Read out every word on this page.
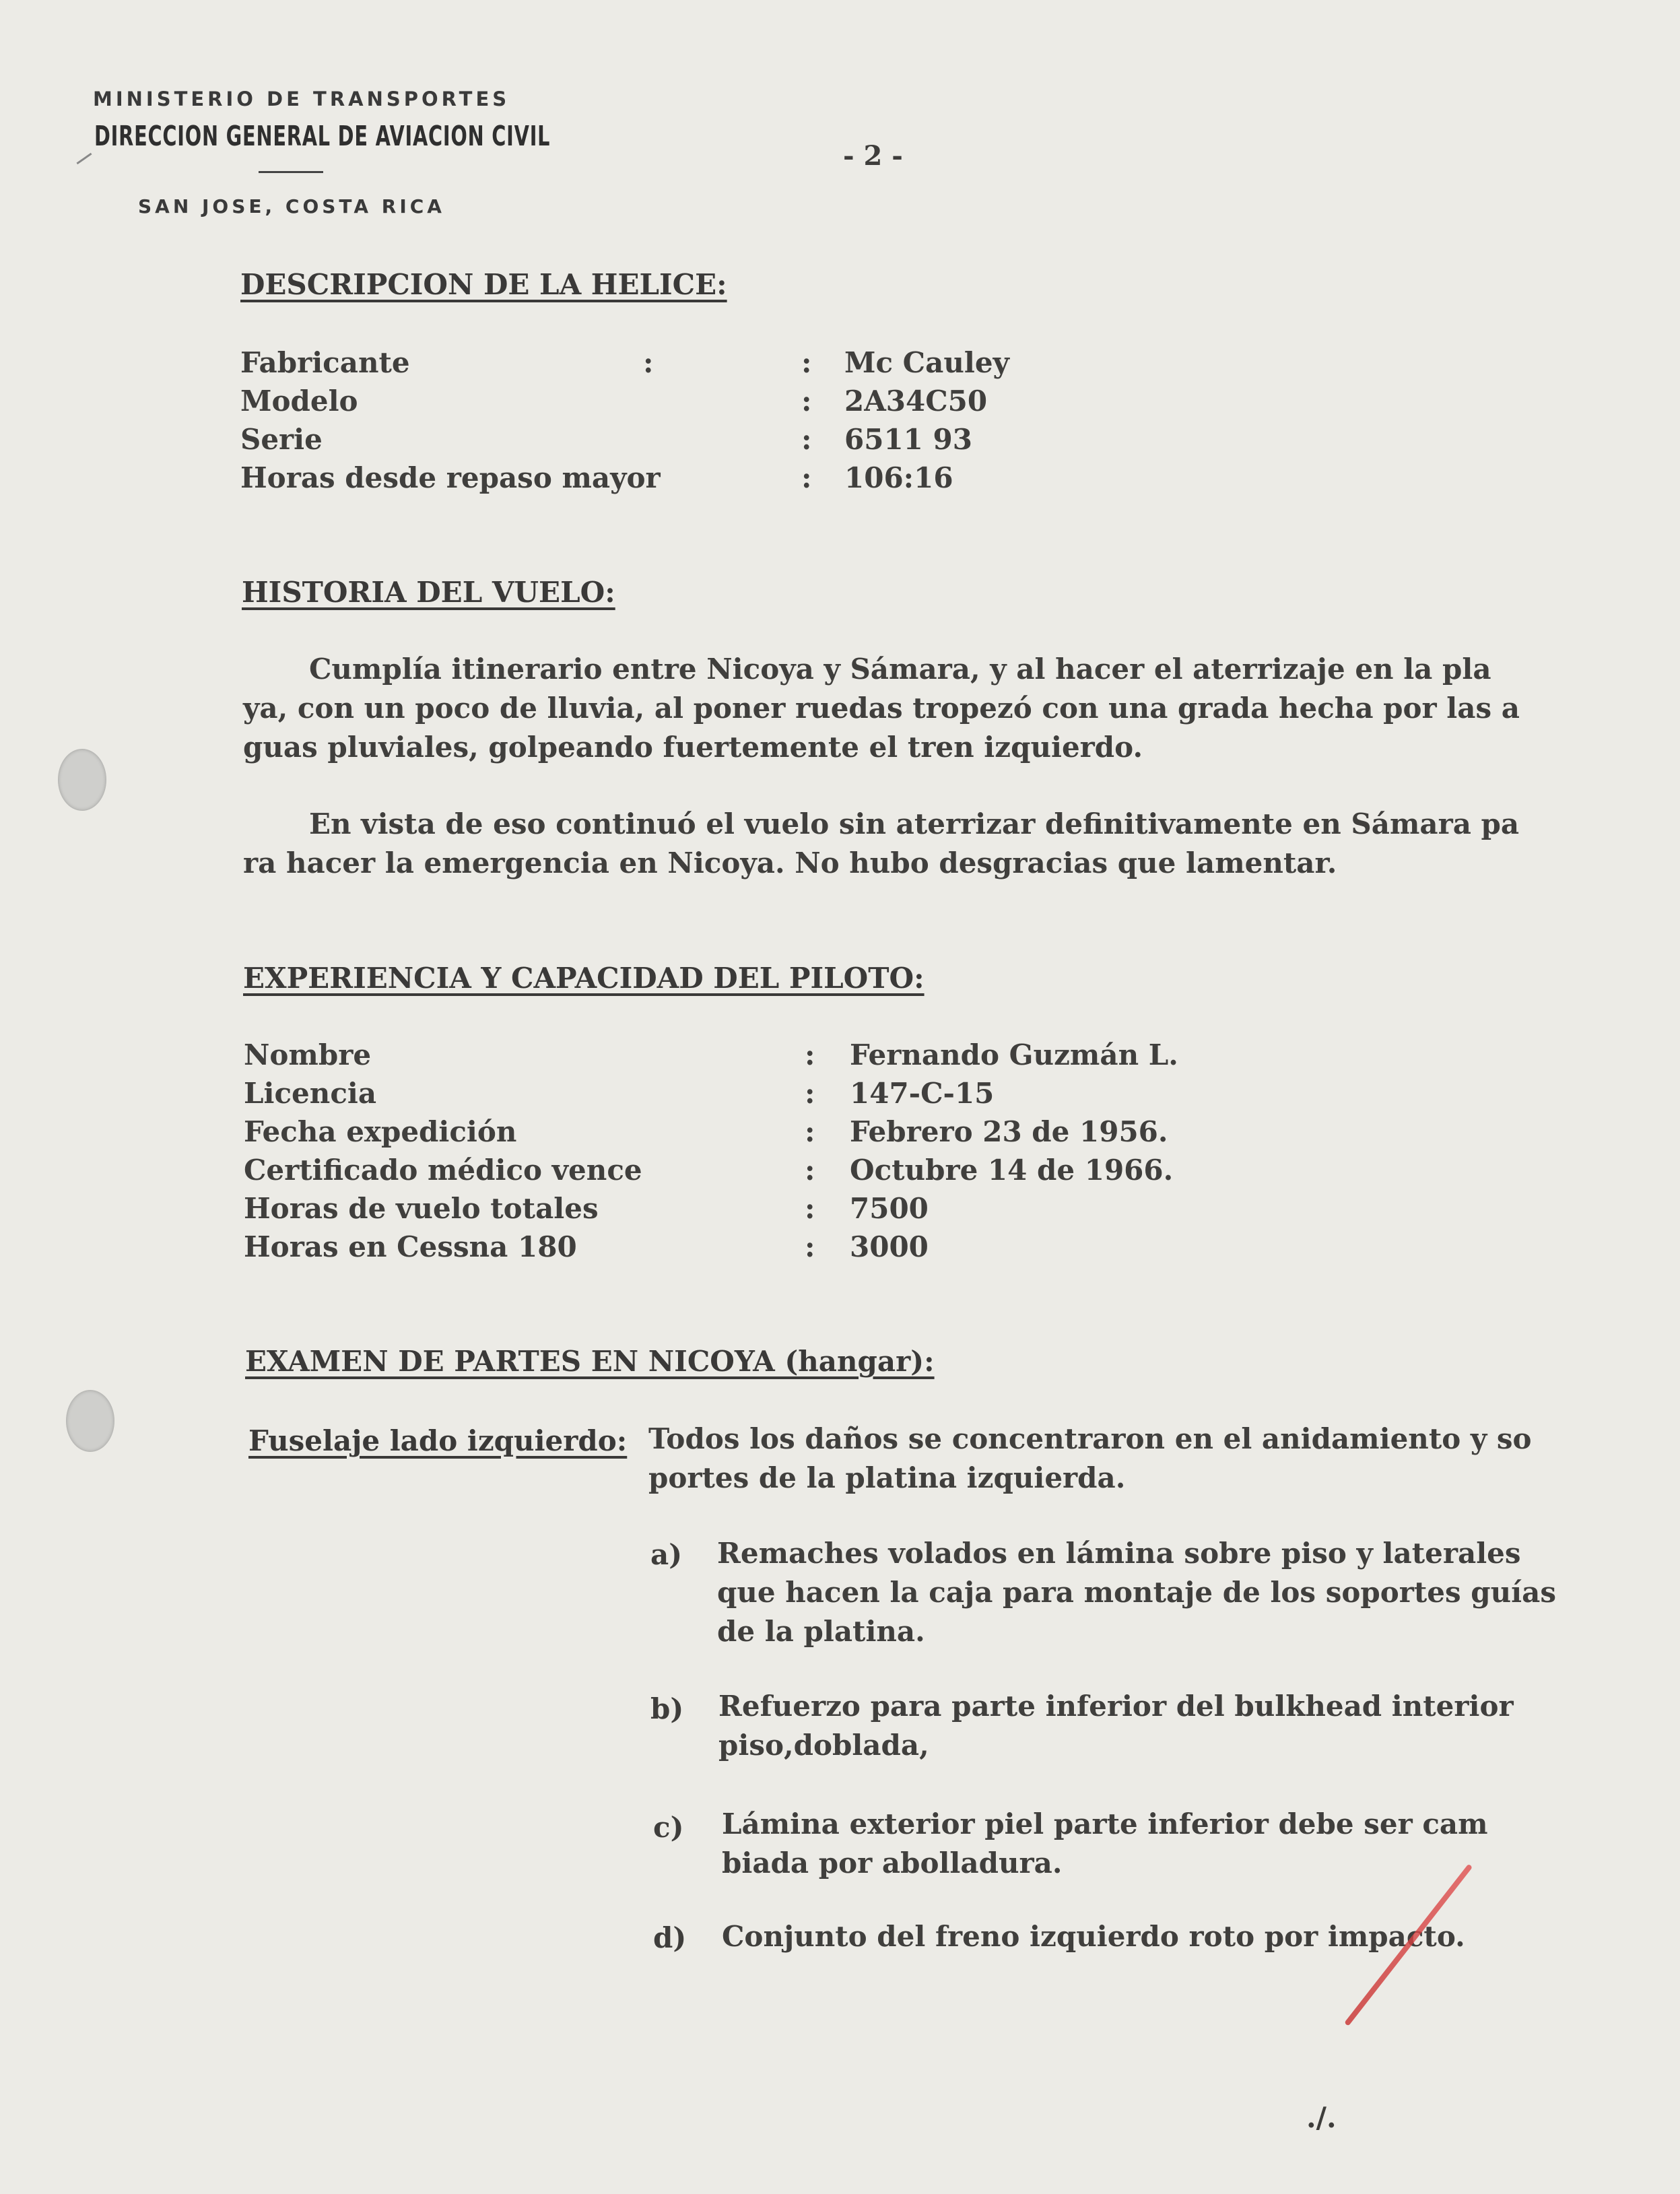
MINISTERIO DE TRANSPORTES
DIRECCION GENERAL DE AVIACION CIVIL
SAN JOSE, COSTA RICA
- 2 -
DESCRIPCION DE LA HELICE:
Fabricante	:	: Mc Cauley
Modelo	: 2A34C50
Serie	: 6511 93
Horas desde repaso mayor	: 106:16
HISTORIA DEL VUELO:
Cumplía itinerario entre Nicoya y Sámara, y al hacer el aterrizaje en la pla
ya, con un poco de lluvia, al poner ruedas tropezó con una grada hecha por las a
guas pluviales, golpeando fuertemente el tren izquierdo.
En vista de eso continuó el vuelo sin aterrizar definitivamente en Sámara pa
ra hacer la emergencia en Nicoya. No hubo desgracias que lamentar.
EXPERIENCIA Y CAPACIDAD DEL PILOTO:
Nombre	: Fernando Guzmán L.
Licencia	: 147-C-15
Fecha expedición	: Febrero 23 de 1956.
Certificado médico vence	: Octubre 14 de 1966.
Horas de vuelo totales	: 7500
Horas en Cessna 180	: 3000
EXAMEN DE PARTES EN NICOYA (hangar):
Fuselaje lado izquierdo: Todos los daños se concentraron en el anidamiento y so
portes de la platina izquierda.
a) Remaches volados en lámina sobre piso y laterales
que hacen la caja para montaje de los soportes guías
de la platina.
b) Refuerzo para parte inferior del bulkhead interior
piso,doblada,
c) Lámina exterior piel parte inferior debe ser cam
biada por abolladura.
d) Conjunto del freno izquierdo roto por impacto.
./.
